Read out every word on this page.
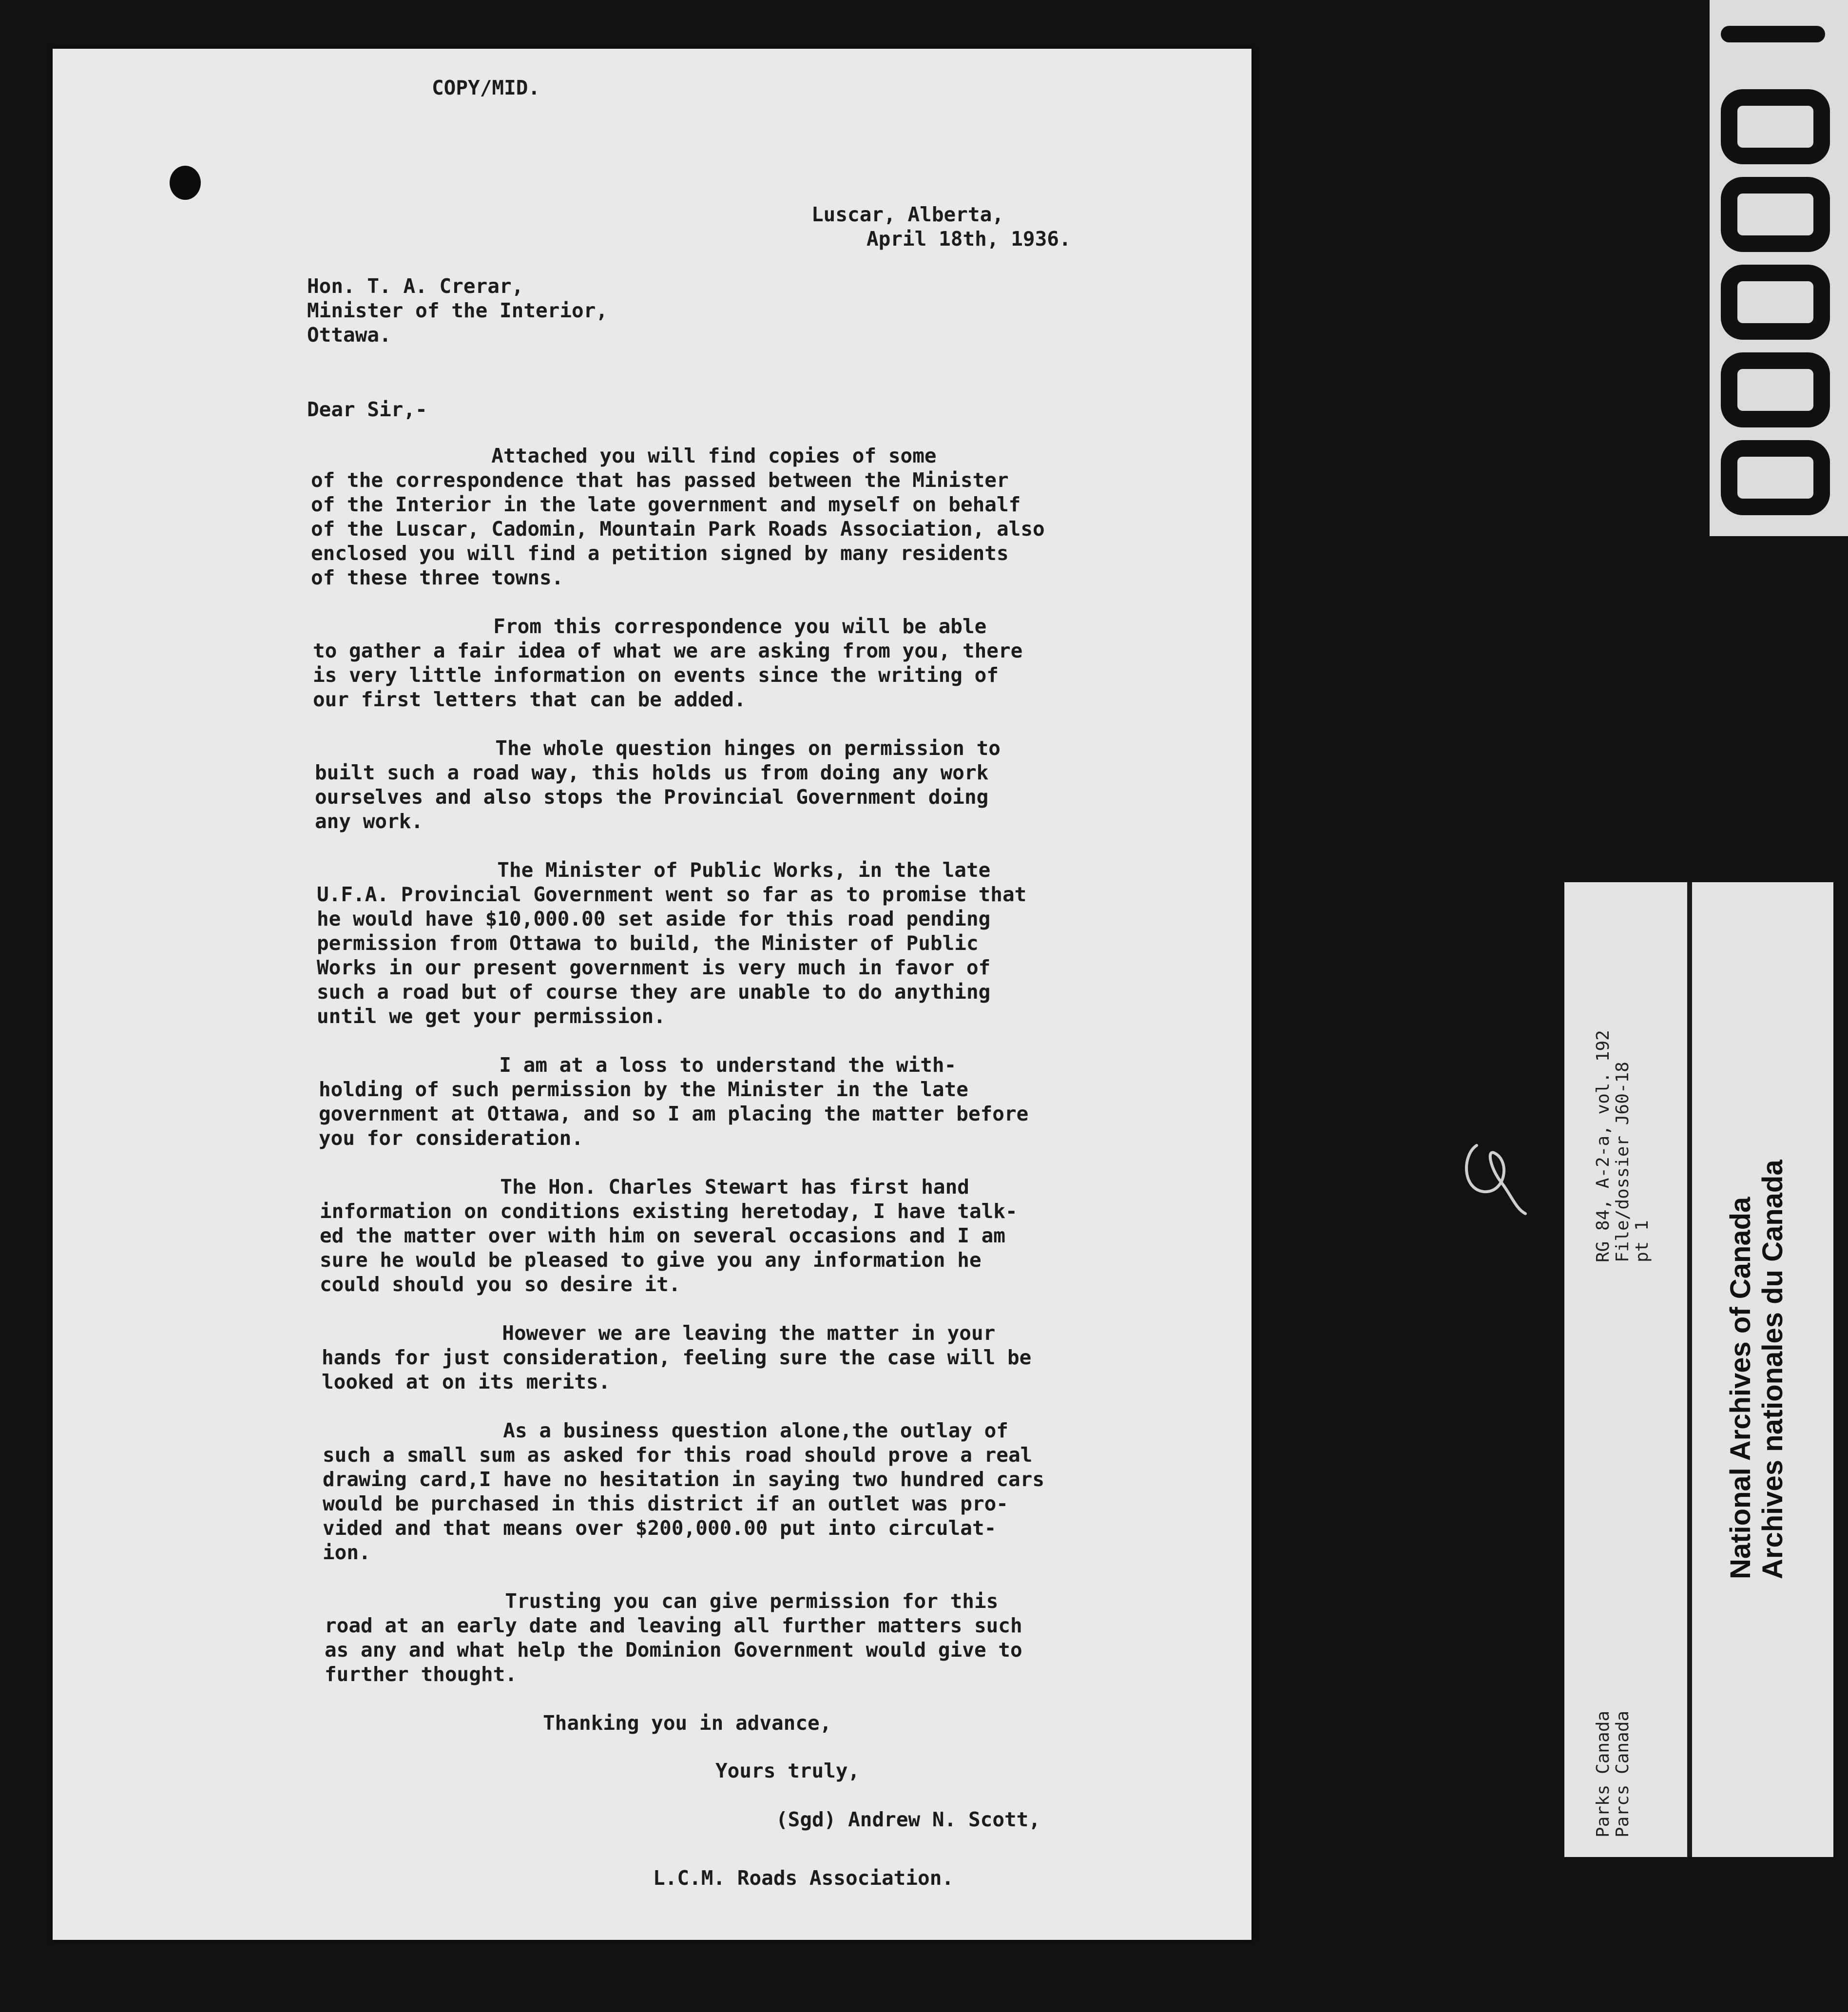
COPY/MID.
Luscar, Alberta,
April 18th, 1936.
Hon. T. A. Crerar,
Minister of the Interior,
Ottawa.
Dear Sir,-
Attached you will find copies of some
of the correspondence that has passed between the Minister
of the Interior in the late government and myself on behalf
of the Luscar, Cadomin, Mountain Park Roads Association, also
enclosed you will find a petition signed by many residents
of these three towns.
From this correspondence you will be able
to gather a fair idea of what we are asking from you, there
is very little information on events since the writing of
our first letters that can be added.
The whole question hinges on permission to
built such a road way, this holds us from doing any work
ourselves and also stops the Provincial Government doing
any work.
The Minister of Public Works, in the late
U.F.A. Provincial Government went so far as to promise that
he would have $10,000.00 set aside for this road pending
permission from Ottawa to build, the Minister of Public
Works in our present government is very much in favor of
such a road but of course they are unable to do anything
until we get your permission.
I am at a loss to understand the with-
holding of such permission by the Minister in the late
government at Ottawa, and so I am placing the matter before
you for consideration.
The Hon. Charles Stewart has first hand
information on conditions existing heretoday, I have talk-
ed the matter over with him on several occasions and I am
sure he would be pleased to give you any information he
could should you so desire it.
However we are leaving the matter in your
hands for just consideration, feeling sure the case will be
looked at on its merits.
As a business question alone,the outlay of
such a small sum as asked for this road should prove a real
drawing card,I have no hesitation in saying two hundred cars
would be purchased in this district if an outlet was pro-
vided and that means over $200,000.00 put into circulat-
ion.
Trusting you can give permission for this
road at an early date and leaving all further matters such
as any and what help the Dominion Government would give to
further thought.
Thanking you in advance,
Yours truly,
(Sgd) Andrew N. Scott,
L.C.M. Roads Association.
RG 84, A-2-a, vol. 192 File/dossier J60-18 pt 1
Parks Canada Parcs Canada
National Archives of Canada Archives nationales du Canada
